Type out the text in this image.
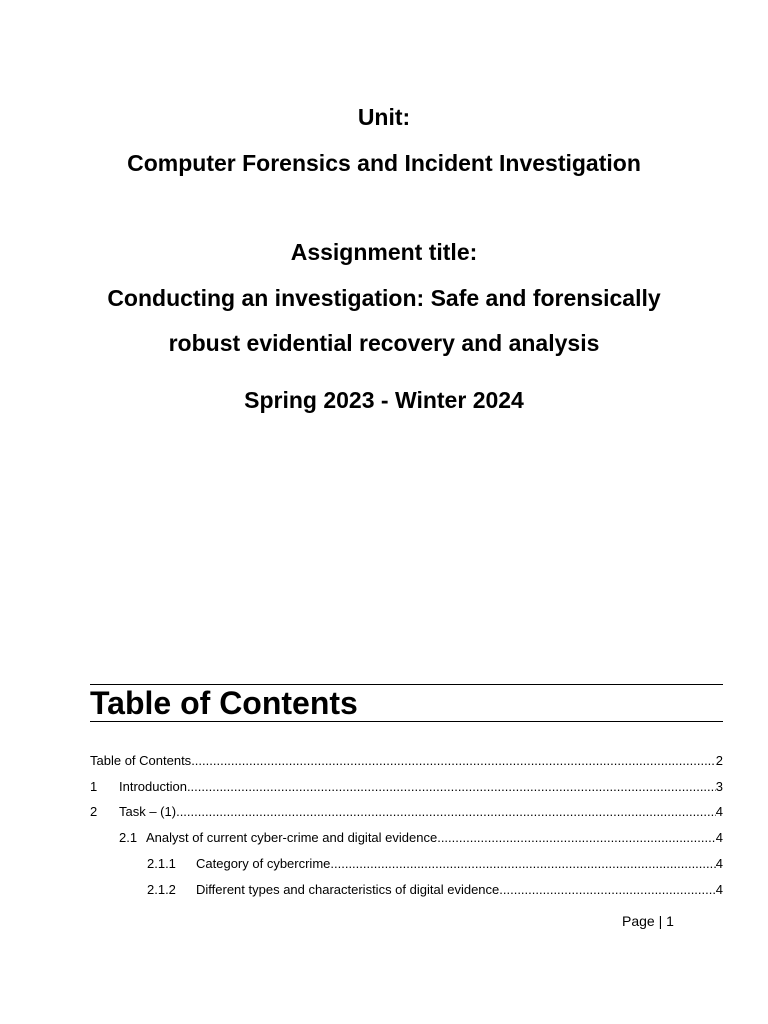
Unit:

Computer Forensics and Incident Investigation

Assignment title:

Conducting an investigation: Safe and forensically

robust evidential recovery and analysis

Spring 2023 - Winter 2024

Table of Contents
Table of Contents .....	2
1	Introduction .....	3
2	Task – (1) .....	4
2.1 Analyst of current cyber-crime and digital evidence .....	4
2.1.1	Category of cybercrime .....	4
2.1.2	Different types and characteristics of digital evidence .....	4
Page | 1
